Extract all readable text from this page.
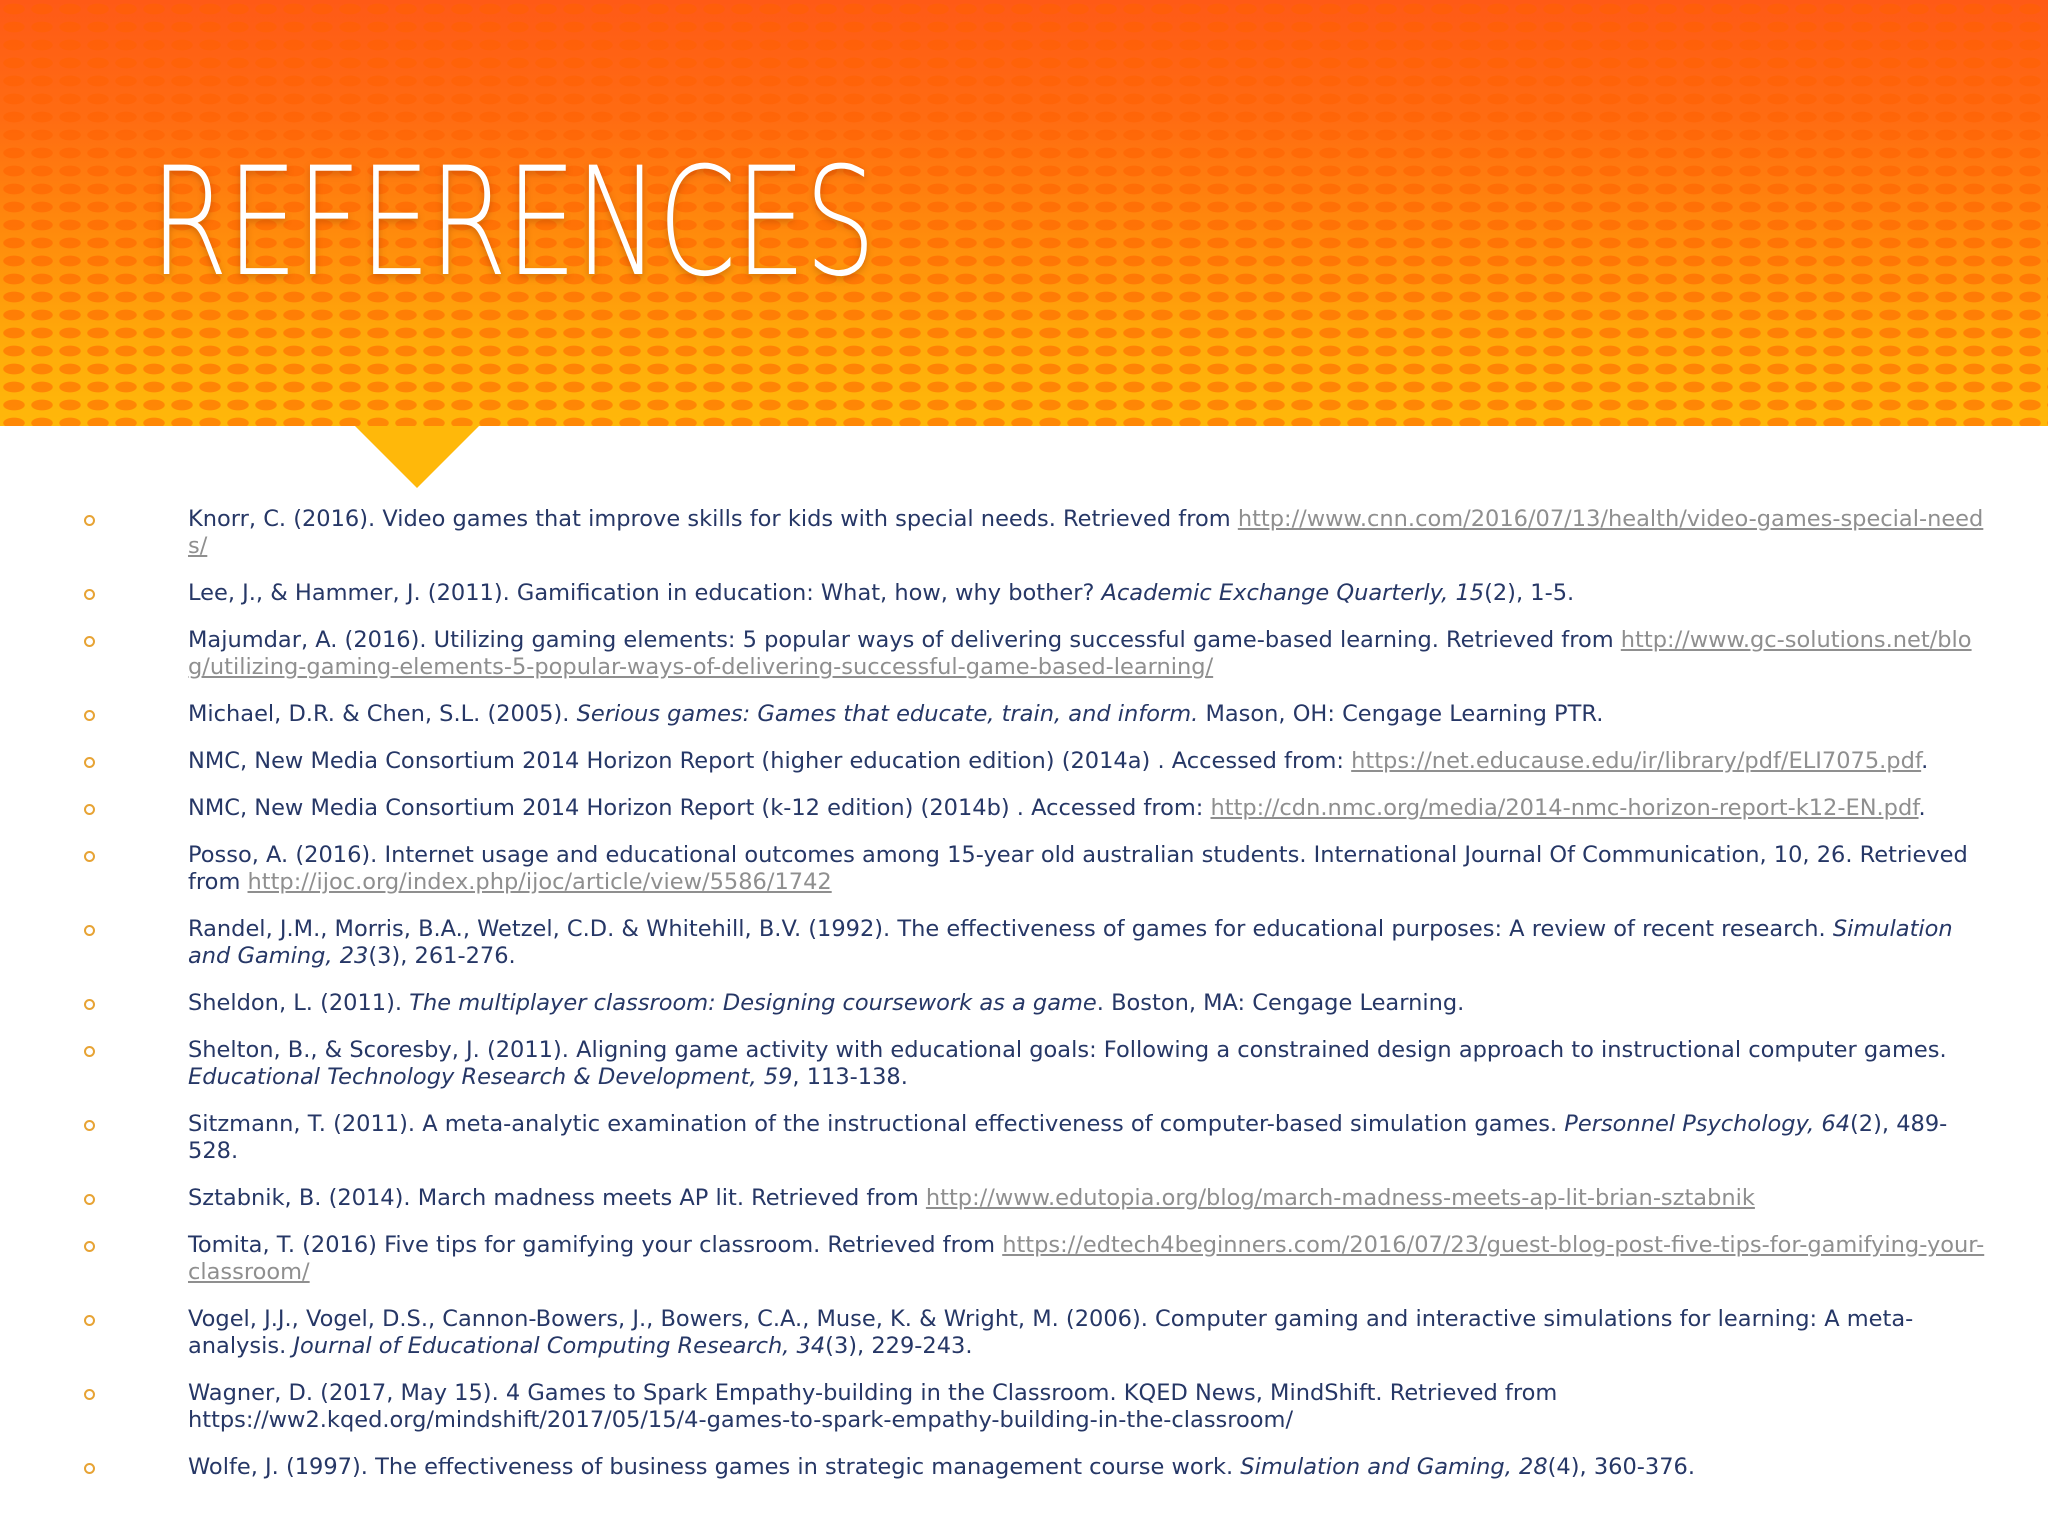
REFERENCES
Knorr, C. (2016). Video games that improve skills for kids with special needs. Retrieved from http://www.cnn.com/2016/07/13/health/video-games-special-needs/
Lee, J., & Hammer, J. (2011). Gamification in education: What, how, why bother? Academic Exchange Quarterly, 15(2), 1-5.
Majumdar, A. (2016). Utilizing gaming elements: 5 popular ways of delivering successful game-based learning. Retrieved from http://www.gc-solutions.net/blog/utilizing-gaming-elements-5-popular-ways-of-delivering-successful-game-based-learning/
Michael, D.R. & Chen, S.L. (2005). Serious games: Games that educate, train, and inform. Mason, OH: Cengage Learning PTR.
NMC, New Media Consortium 2014 Horizon Report (higher education edition) (2014a) . Accessed from: https://net.educause.edu/ir/library/pdf/ELI7075.pdf.
NMC, New Media Consortium 2014 Horizon Report (k-12 edition) (2014b) . Accessed from: http://cdn.nmc.org/media/2014-nmc-horizon-report-k12-EN.pdf.
Posso, A. (2016). Internet usage and educational outcomes among 15-year old australian students. International Journal Of Communication, 10, 26. Retrieved from http://ijoc.org/index.php/ijoc/article/view/5586/1742
Randel, J.M., Morris, B.A., Wetzel, C.D. & Whitehill, B.V. (1992). The effectiveness of games for educational purposes: A review of recent research. Simulation and Gaming, 23(3), 261-276.
Sheldon, L. (2011). The multiplayer classroom: Designing coursework as a game. Boston, MA: Cengage Learning.
Shelton, B., & Scoresby, J. (2011). Aligning game activity with educational goals: Following a constrained design approach to instructional computer games. Educational Technology Research & Development, 59, 113-138.
Sitzmann, T. (2011). A meta-analytic examination of the instructional effectiveness of computer-based simulation games. Personnel Psychology, 64(2), 489-528.
Sztabnik, B. (2014). March madness meets AP lit. Retrieved from http://www.edutopia.org/blog/march-madness-meets-ap-lit-brian-sztabnik
Tomita, T. (2016) Five tips for gamifying your classroom. Retrieved from https://edtech4beginners.com/2016/07/23/guest-blog-post-five-tips-for-gamifying-your-classroom/
Vogel, J.J., Vogel, D.S., Cannon-Bowers, J., Bowers, C.A., Muse, K. & Wright, M. (2006). Computer gaming and interactive simulations for learning: A meta-analysis. Journal of Educational Computing Research, 34(3), 229-243.
Wagner, D. (2017, May 15). 4 Games to Spark Empathy-building in the Classroom. KQED News, MindShift. Retrieved from https://ww2.kqed.org/mindshift/2017/05/15/4-games-to-spark-empathy-building-in-the-classroom/
Wolfe, J. (1997). The effectiveness of business games in strategic management course work. Simulation and Gaming, 28(4), 360-376.
